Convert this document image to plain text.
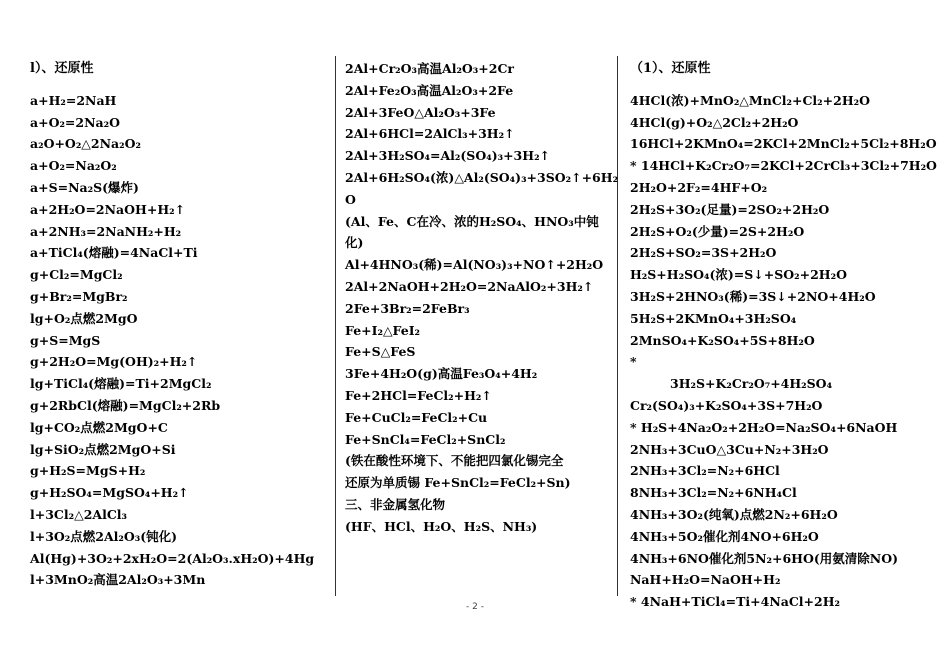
l）、还原性
a+H₂=2NaH
a+O₂=2Na₂O
a₂O+O₂△2Na₂O₂
a+O₂=Na₂O₂
a+S=Na₂S(爆炸)
a+2H₂O=2NaOH+H₂↑
a+2NH₃=2NaNH₂+H₂
a+TiCl₄(熔融)=4NaCl+Ti
g+Cl₂=MgCl₂
g+Br₂=MgBr₂
lg+O₂点燃2MgO
g+S=MgS
g+2H₂O=Mg(OH)₂+H₂↑
lg+TiCl₄(熔融)=Ti+2MgCl₂
g+2RbCl(熔融)=MgCl₂+2Rb
lg+CO₂点燃2MgO+C
lg+SiO₂点燃2MgO+Si
g+H₂S=MgS+H₂
g+H₂SO₄=MgSO₄+H₂↑
l+3Cl₂△2AlCl₃
l+3O₂点燃2Al₂O₃(钝化)
Al(Hg)+3O₂+2xH₂O=2(Al₂O₃.xH₂O)+4Hg
l+3MnO₂高温2Al₂O₃+3Mn
2Al+Cr₂O₃高温Al₂O₃+2Cr
2Al+Fe₂O₃高温Al₂O₃+2Fe
2Al+3FeO△Al₂O₃+3Fe
2Al+6HCl=2AlCl₃+3H₂↑
2Al+3H₂SO₄=Al₂(SO₄)₃+3H₂↑
2Al+6H₂SO₄(浓)△Al₂(SO₄)₃+3SO₂↑+6H₂
O
(Al、Fe、C在冷、浓的H₂SO₄、HNO₃中钝
化)
Al+4HNO₃(稀)=Al(NO₃)₃+NO↑+2H₂O
2Al+2NaOH+2H₂O=2NaAlO₂+3H₂↑
2Fe+3Br₂=2FeBr₃
Fe+I₂△FeI₂
Fe+S△FeS
3Fe+4H₂O(g)高温Fe₃O₄+4H₂
Fe+2HCl=FeCl₂+H₂↑
Fe+CuCl₂=FeCl₂+Cu
Fe+SnCl₄=FeCl₂+SnCl₂
(铁在酸性环境下、不能把四氯化锡完全
还原为单质锡 Fe+SnCl₂=FeCl₂+Sn)
三、非金属氢化物
(HF、HCl、H₂O、H₂S、NH₃)
（1）、还原性
4HCl(浓)+MnO₂△MnCl₂+Cl₂+2H₂O
4HCl(g)+O₂△2Cl₂+2H₂O
16HCl+2KMnO₄=2KCl+2MnCl₂+5Cl₂+8H₂O
* 14HCl+K₂Cr₂O₇=2KCl+2CrCl₃+3Cl₂+7H₂O
2H₂O+2F₂=4HF+O₂
2H₂S+3O₂(足量)=2SO₂+2H₂O
2H₂S+O₂(少量)=2S+2H₂O
2H₂S+SO₂=3S+2H₂O
H₂S+H₂SO₄(浓)=S↓+SO₂+2H₂O
3H₂S+2HNO₃(稀)=3S↓+2NO+4H₂O
5H₂S+2KMnO₄+3H₂SO₄
2MnSO₄+K₂SO₄+5S+8H₂O
*
3H₂S+K₂Cr₂O₇+4H₂SO₄
Cr₂(SO₄)₃+K₂SO₄+3S+7H₂O
* H₂S+4Na₂O₂+2H₂O=Na₂SO₄+6NaOH
2NH₃+3CuO△3Cu+N₂+3H₂O
2NH₃+3Cl₂=N₂+6HCl
8NH₃+3Cl₂=N₂+6NH₄Cl
4NH₃+3O₂(纯氧)点燃2N₂+6H₂O
4NH₃+5O₂催化剂4NO+6H₂O
4NH₃+6NO催化剂5N₂+6HO(用氨清除NO)
NaH+H₂O=NaOH+H₂
* 4NaH+TiCl₄=Ti+4NaCl+2H₂
- 2 -
